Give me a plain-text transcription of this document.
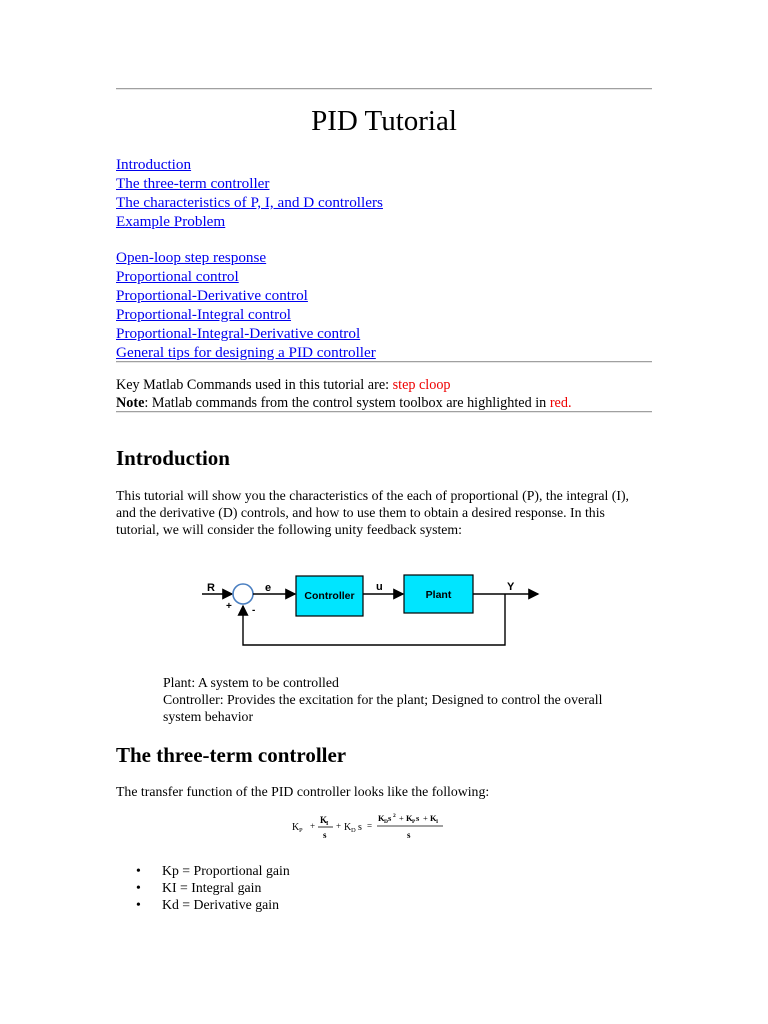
PID Tutorial
Introduction
The three-term controller
The characteristics of P, I, and D controllers
Example Problem
Open-loop step response
Proportional control
Proportional-Derivative control
Proportional-Integral control
Proportional-Integral-Derivative control
General tips for designing a PID controller
Key Matlab Commands used in this tutorial are: step cloop
Note: Matlab commands from the control system toolbox are highlighted in red.
Introduction

This tutorial will show you the characteristics of the each of proportional (P), the integral (I), and the derivative (D) controls, and how to use them to obtain a desired response. In this tutorial, we will consider the following unity feedback system:

Controller	Plant
R	e	u	Y
+ -
Plant: A system to be controlled
Controller: Provides the excitation for the plant; Designed to control the overall system behavior
The three-term controller

The transfer function of the PID controller looks like the following:

K P +
K
I
s
+ K D s =
K D s 2 + K P s + K I
s
• Kp = Proportional gain
• KI = Integral gain
• Kd = Derivative gain
